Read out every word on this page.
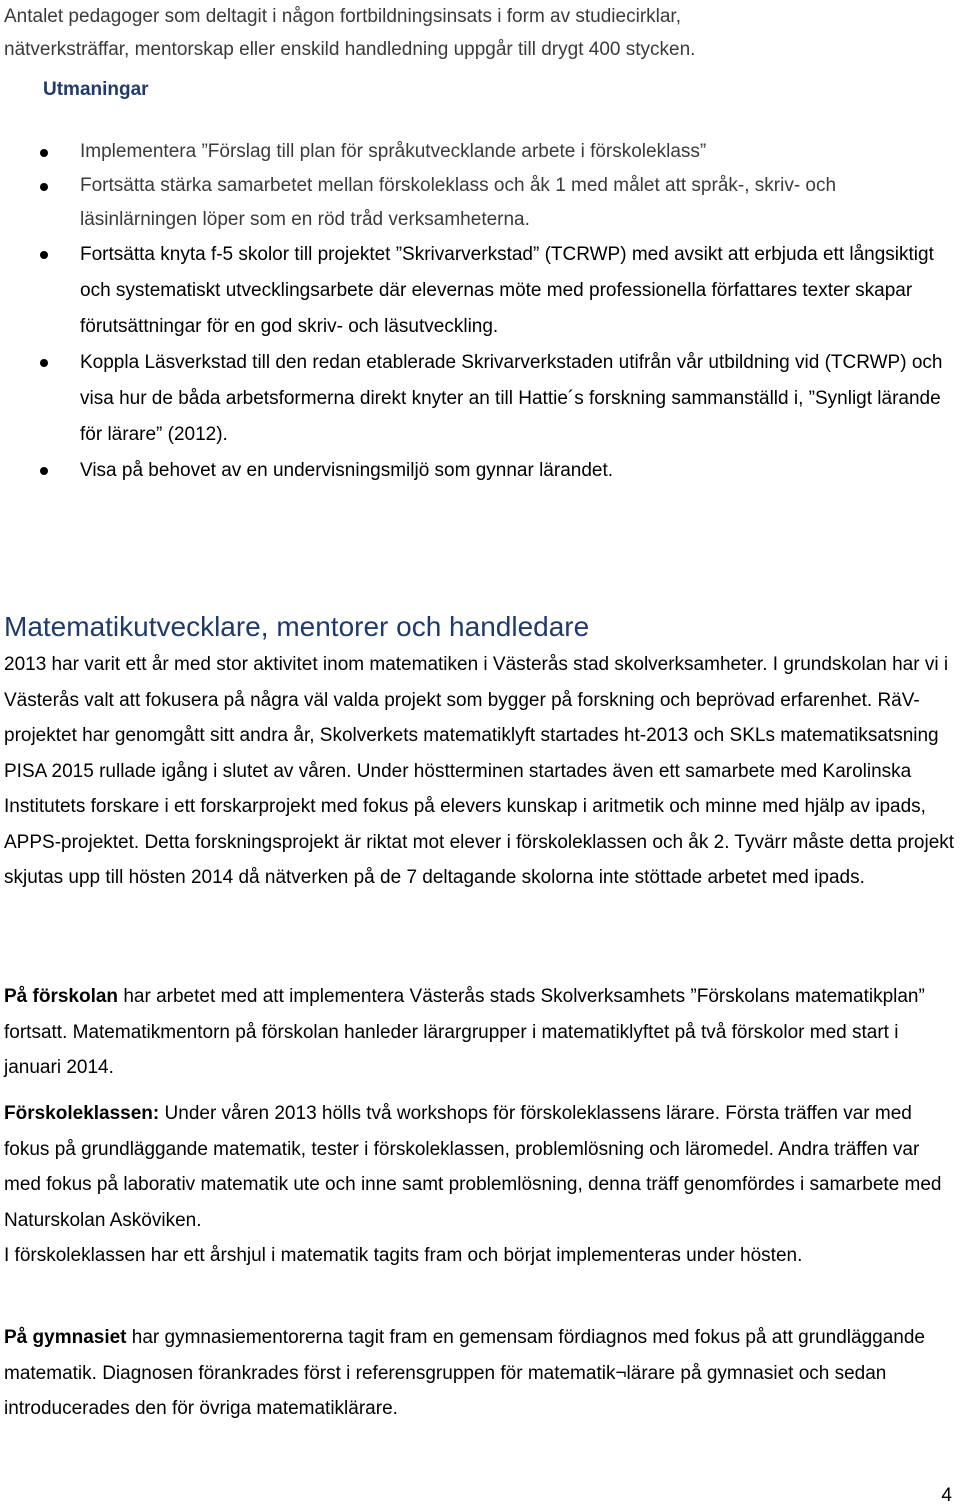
Antalet pedagoger som deltagit i någon fortbildningsinsats i form av studiecirklar,

nätverksträffar, mentorskap eller enskild handledning uppgår till drygt 400 stycken.

Utmaningar
Implementera ”Förslag till plan för språkutvecklande arbete i förskoleklass”
Fortsätta stärka samarbetet mellan förskoleklass och åk 1 med målet att språk-, skriv- och läsinlärningen löper som en röd tråd verksamheterna.
Fortsätta knyta f-5 skolor till projektet ”Skrivarverkstad” (TCRWP) med avsikt att erbjuda ett långsiktigt och systematiskt utvecklingsarbete där elevernas möte med professionella författares texter skapar förutsättningar för en god skriv- och läsutveckling.
Koppla Läsverkstad till den redan etablerade Skrivarverkstaden utifrån vår utbildning vid (TCRWP) och visa hur de båda arbetsformerna direkt knyter an till Hattie´s forskning sammanställd i, ”Synligt lärande för lärare” (2012).
Visa på behovet av en undervisningsmiljö som gynnar lärandet.
Matematikutvecklare, mentorer och handledare

2013 har varit ett år med stor aktivitet inom matematiken i Västerås stad skolverksamheter. I grundskolan har vi i Västerås valt att fokusera på några väl valda projekt som bygger på forskning och beprövad erfarenhet. RäV-projektet har genomgått sitt andra år, Skolverkets matematiklyft startades ht-2013 och SKLs matematiksatsning PISA 2015 rullade igång i slutet av våren. Under höstterminen startades även ett samarbete med Karolinska Institutets forskare i ett forskarprojekt med fokus på elevers kunskap i aritmetik och minne med hjälp av ipads, APPS-projektet. Detta forskningsprojekt är riktat mot elever i förskoleklassen och åk 2. Tyvärr måste detta projekt skjutas upp till hösten 2014 då nätverken på de 7 deltagande skolorna inte stöttade arbetet med ipads.

På förskolan har arbetet med att implementera Västerås stads Skolverksamhets ”Förskolans matematikplan” fortsatt. Matematikmentorn på förskolan hanleder lärargrupper i matematiklyftet på två förskolor med start i januari 2014.

Förskoleklassen: Under våren 2013 hölls två workshops för förskoleklassens lärare. Första träffen var med fokus på grundläggande matematik, tester i förskoleklassen, problemlösning och läromedel. Andra träffen var med fokus på laborativ matematik ute och inne samt problemlösning, denna träff genomfördes i samarbete med Naturskolan Asköviken.

I förskoleklassen har ett årshjul i matematik tagits fram och börjat implementeras under hösten.

På gymnasiet har gymnasiementorerna tagit fram en gemensam fördiagnos med fokus på att grundläggande matematik. Diagnosen förankrades först i referensgruppen för matematik¬lärare på gymnasiet och sedan introducerades den för övriga matematiklärare.

4
